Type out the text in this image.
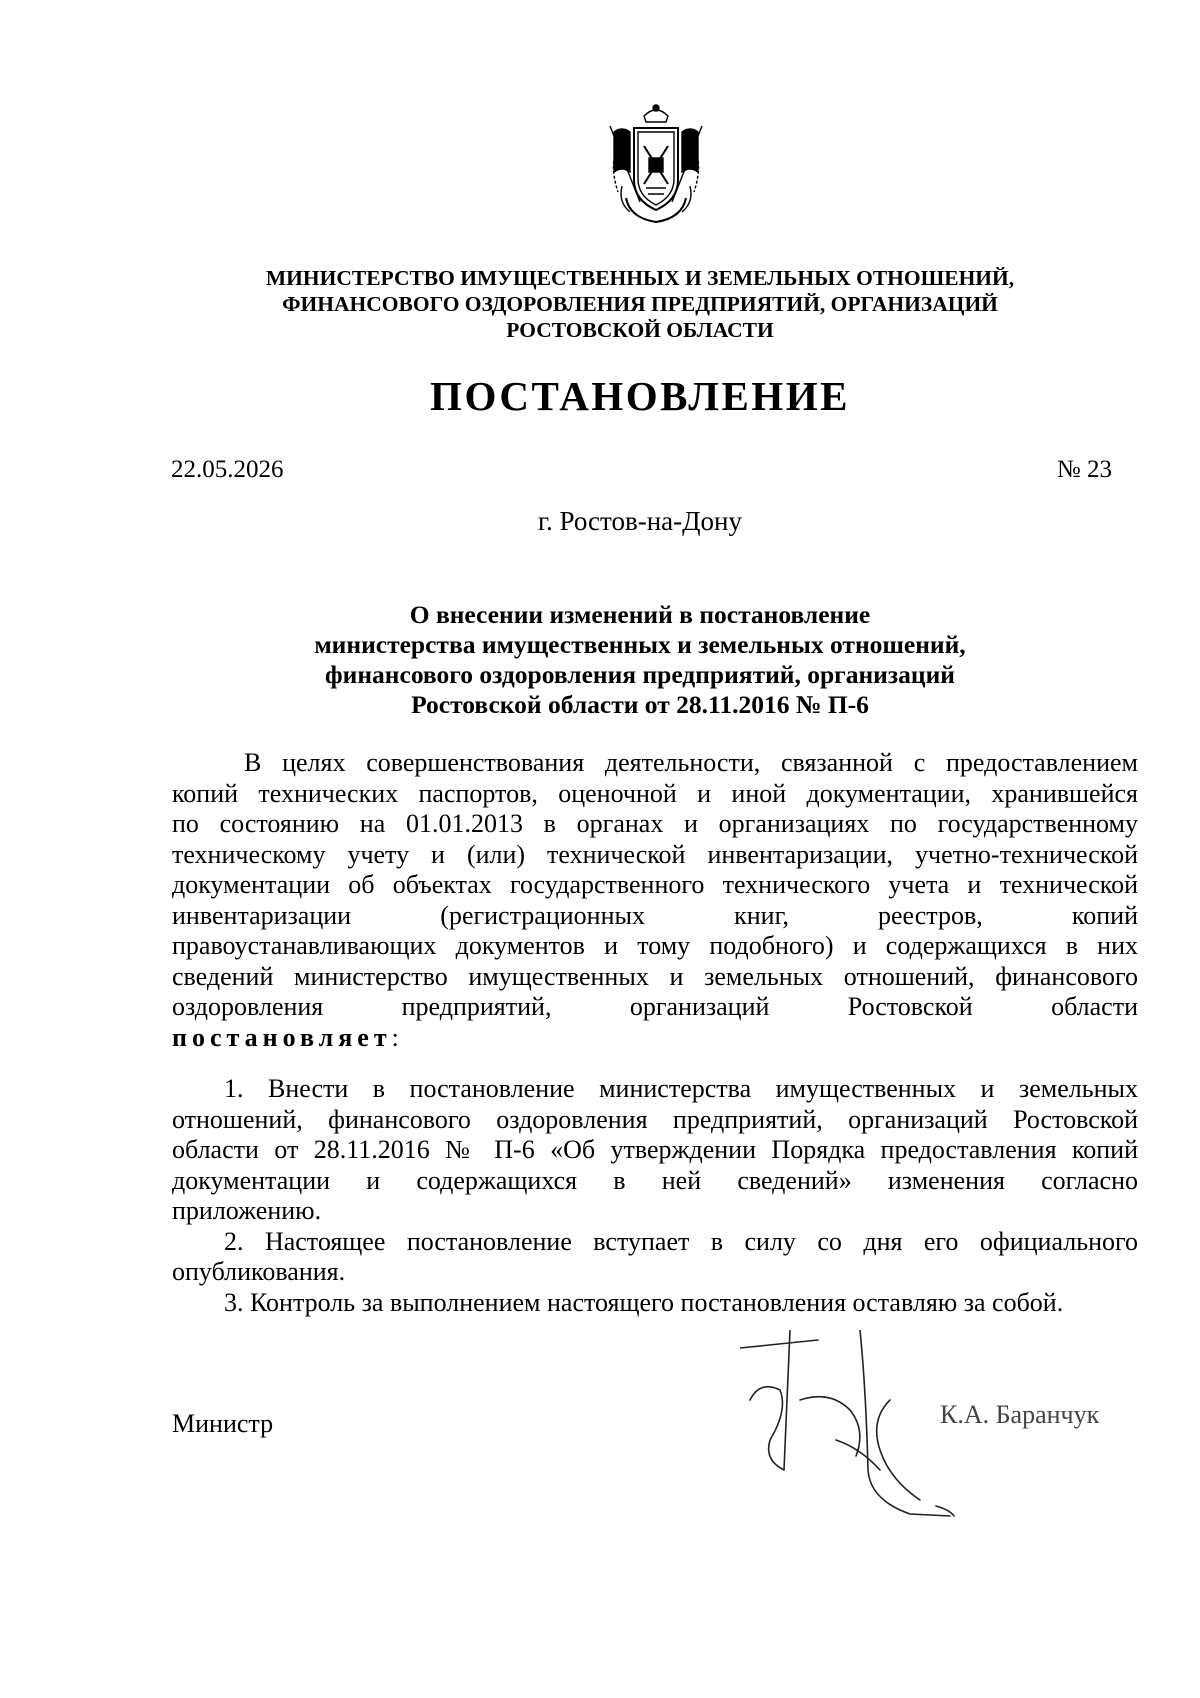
МИНИСТЕРСТВО ИМУЩЕСТВЕННЫХ И ЗЕМЕЛЬНЫХ ОТНОШЕНИЙ,
ФИНАНСОВОГО ОЗДОРОВЛЕНИЯ ПРЕДПРИЯТИЙ, ОРГАНИЗАЦИЙ
РОСТОВСКОЙ ОБЛАСТИ
ПОСТАНОВЛЕНИЕ
22.05.2026	№ 23
г. Ростов-на-Дону
О внесении изменений в постановление
министерства имущественных и земельных отношений,
финансового оздоровления предприятий, организаций
Ростовской области от 28.11.2016 № П-6
В целях совершенствования деятельности, связанной с предоставлением
копий технических паспортов, оценочной и иной документации, хранившейся
по состоянию на 01.01.2013 в органах и организациях по государственному
техническому учету и (или) технической инвентаризации, учетно-технической
документации об объектах государственного технического учета и технической
инвентаризации (регистрационных книг, реестров, копий
правоустанавливающих документов и тому подобного) и содержащихся в них
сведений министерство имущественных и земельных отношений, финансового
оздоровления предприятий, организаций Ростовской области
постановляет:
1. Внести в постановление министерства имущественных и земельных
отношений, финансового оздоровления предприятий, организаций Ростовской
области от 28.11.2016 № П-6 «Об утверждении Порядка предоставления копий
документации и содержащихся в ней сведений» изменения согласно
приложению.
2. Настоящее постановление вступает в силу со дня его официального
опубликования.
3. Контроль за выполнением настоящего постановления оставляю за собой.
Министр	К.А. Баранчук
